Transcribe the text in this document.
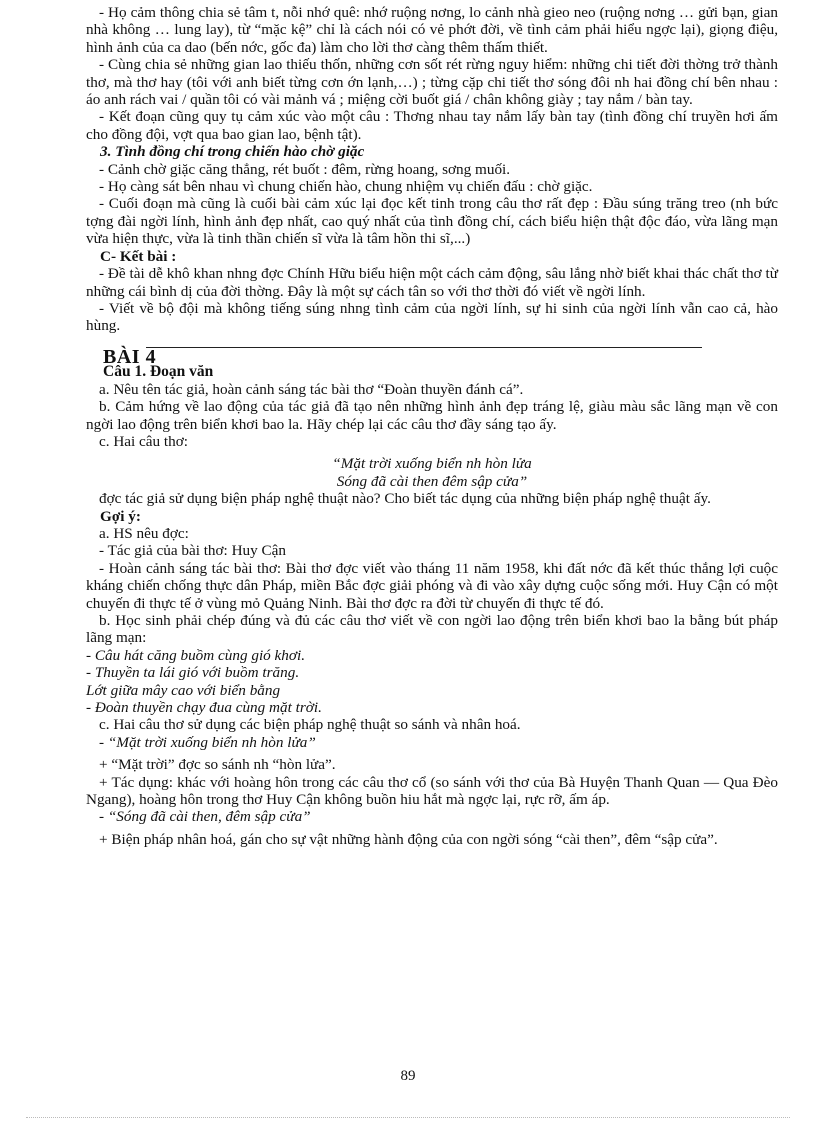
- Họ cảm thông chia sẻ tâm t, nỗi nhớ quê: nhớ ruộng nơng, lo cảnh nhà gieo neo (ruộng nơng … gửi bạn, gian nhà không … lung lay), từ “mặc kệ” chỉ là cách nói có vẻ phớt đời, về tình cảm phải hiểu ngợc lại), giọng điệu, hình ảnh của ca dao (bến nớc, gốc đa) làm cho lời thơ càng thêm thấm thiết.

- Cùng chia sẻ những gian lao thiếu thốn, những cơn sốt rét rừng nguy hiểm: những chi tiết đời thờng trở thành thơ, mà thơ hay (tôi với anh biết từng cơn ớn lạnh,…) ; từng cặp chi tiết thơ sóng đôi nh hai đồng chí bên nhau : áo anh rách vai / quần tôi có vài mảnh vá ; miệng cời buốt giá / chân không giày ; tay nắm / bàn tay.

- Kết đoạn cũng quy tụ cảm xúc vào một câu : Thơng nhau tay nắm lấy bàn tay (tình đồng chí truyền hơi ấm cho đồng đội, vợt qua bao gian lao, bệnh tật).

3. Tình đồng chí trong chiến hào chờ giặc

- Cảnh chờ giặc căng thẳng, rét buốt : đêm, rừng hoang, sơng muối.

- Họ càng sát bên nhau vì chung chiến hào, chung nhiệm vụ chiến đấu : chờ giặc.

- Cuối đoạn mà cũng là cuối bài cảm xúc lại đọc kết tinh trong câu thơ rất đẹp : Đầu súng trăng treo (nh bức tợng đài ngời lính, hình ảnh đẹp nhất, cao quý nhất của tình đồng chí, cách biểu hiện thật độc đáo, vừa lãng mạn vừa hiện thực, vừa là tinh thần chiến sĩ vừa là tâm hồn thi sĩ,...)

C- Kết bài :

- Đề tài dễ khô khan nhng đợc Chính Hữu biểu hiện một cách cảm động, sâu lắng nhờ biết khai thác chất thơ từ những cái bình dị của đời thờng. Đây là một sự cách tân so với thơ thời đó viết về ngời lính.

- Viết về bộ đội mà không tiếng súng nhng tình cảm của ngời lính, sự hi sinh của ngời lính vẫn cao cả, hào hùng.

BÀI 4
Câu 1. Đoạn văn

a. Nêu tên tác giả, hoàn cảnh sáng tác bài thơ “Đoàn thuyền đánh cá”.

b. Cảm hứng về lao động của tác giả đã tạo nên những hình ảnh đẹp tráng lệ, giàu màu sắc lãng mạn về con ngời lao động trên biển khơi bao la. Hãy chép lại các câu thơ đầy sáng tạo ấy.

c. Hai câu thơ:

“Mặt trời xuống biển nh hòn lửa

Sóng đã cài then đêm sập cửa”

đợc tác giả sử dụng biện pháp nghệ thuật nào? Cho biết tác dụng của những biện pháp nghệ thuật ấy.

Gợi ý:

a. HS nêu đợc:

- Tác giả của bài thơ: Huy Cận

- Hoàn cảnh sáng tác bài thơ: Bài thơ đợc viết vào tháng 11 năm 1958, khi đất nớc đã kết thúc thắng lợi cuộc kháng chiến chống thực dân Pháp, miền Bắc đợc giải phóng và đi vào xây dựng cuộc sống mới. Huy Cận có một chuyến đi thực tế ở vùng mỏ Quảng Ninh. Bài thơ đợc ra đời từ chuyến đi thực tế đó.

b. Học sinh phải chép đúng và đủ các câu thơ viết về con ngời lao động trên biển khơi bao la bằng bút pháp lãng mạn:

- Câu hát căng buồm cùng gió khơi.

- Thuyền ta lái gió với buồm trăng.

Lớt giữa mây cao với biển bằng

- Đoàn thuyền chạy đua cùng mặt trời.

c. Hai câu thơ sử dụng các biện pháp nghệ thuật so sánh và nhân hoá.

- “Mặt trời xuống biển nh hòn lửa”

+ “Mặt trời” đợc so sánh nh “hòn lửa”.

+ Tác dụng: khác với hoàng hôn trong các câu thơ cổ (so sánh với thơ của Bà Huyện Thanh Quan — Qua Đèo Ngang), hoàng hôn trong thơ Huy Cận không buồn hiu hắt mà ngợc lại, rực rỡ, ấm áp.

- “Sóng đã cài then, đêm sập cửa”

+ Biện pháp nhân hoá, gán cho sự vật những hành động của con ngời sóng “cài then”, đêm “sập cửa”.

89
